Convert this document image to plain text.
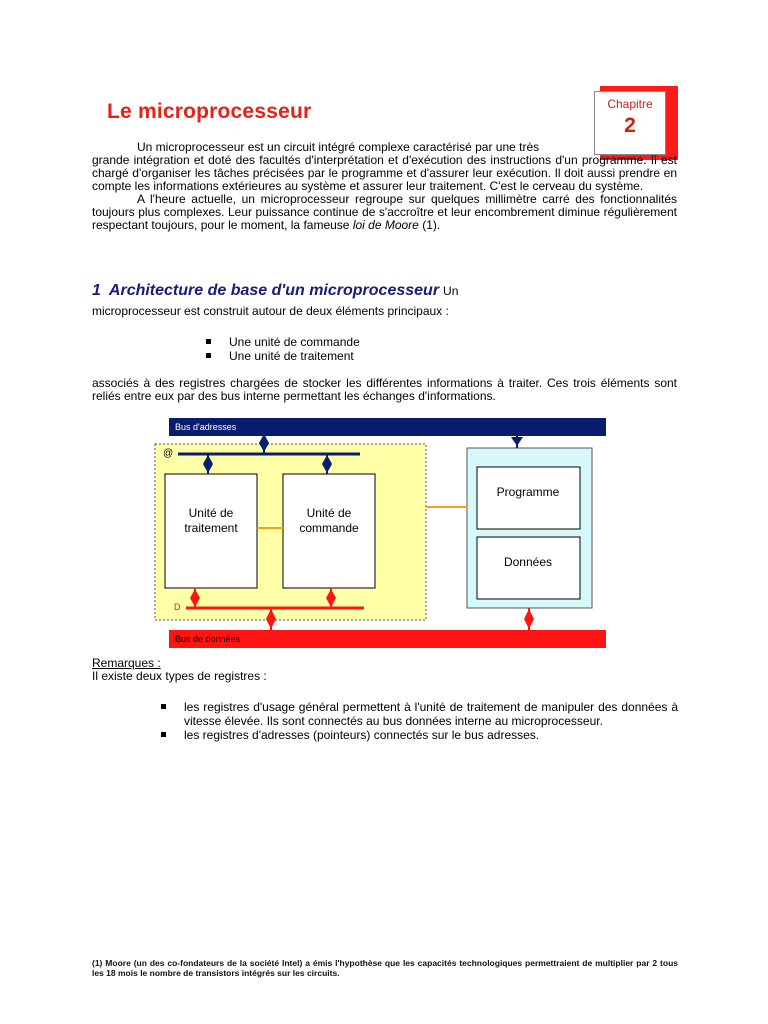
Le microprocesseur	Chapitre
2

Un microprocesseur est un circuit intégré complexe caractérisé par une très

grande intégration et doté des facultés d'interprétation et d'exécution des instructions d'un programme. Il est chargé d'organiser les tâches précisées par le programme et d'assurer leur exécution. Il doit aussi prendre en compte les informations extérieures au système et assurer leur traitement. C'est le cerveau du système.

A l'heure actuelle, un microprocesseur regroupe sur quelques millimètre carré des fonctionnalités toujours plus complexes. Leur puissance continue de s'accroître et leur encombrement diminue régulièrement respectant toujours, pour le moment, la fameuse loi de Moore (1).

1 Architecture de base d'un microprocesseur Un
microprocesseur est construit autour de deux éléments principaux :
Une unité de commande
Une unité de traitement
associés à des registres chargées de stocker les différentes informations à traiter. Ces trois éléments sont reliés entre eux par des bus interne permettant les échanges d'informations.
Bus d'adresses
@
D
Unité de
traitement
Unité de
commande
Programme
Données
Bus de données
Remarques :
Il existe deux types de registres :
les registres d'usage général permettent à l'unité de traitement de manipuler des données à vitesse élevée. Ils sont connectés au bus données interne au microprocesseur.
les registres d'adresses (pointeurs) connectés sur le bus adresses.
(1) Moore (un des co-fondateurs de la société Intel) a émis l'hypothèse que les capacités technologiques permettraient de multiplier par 2 tous les 18 mois le nombre de transistors intégrés sur les circuits.
